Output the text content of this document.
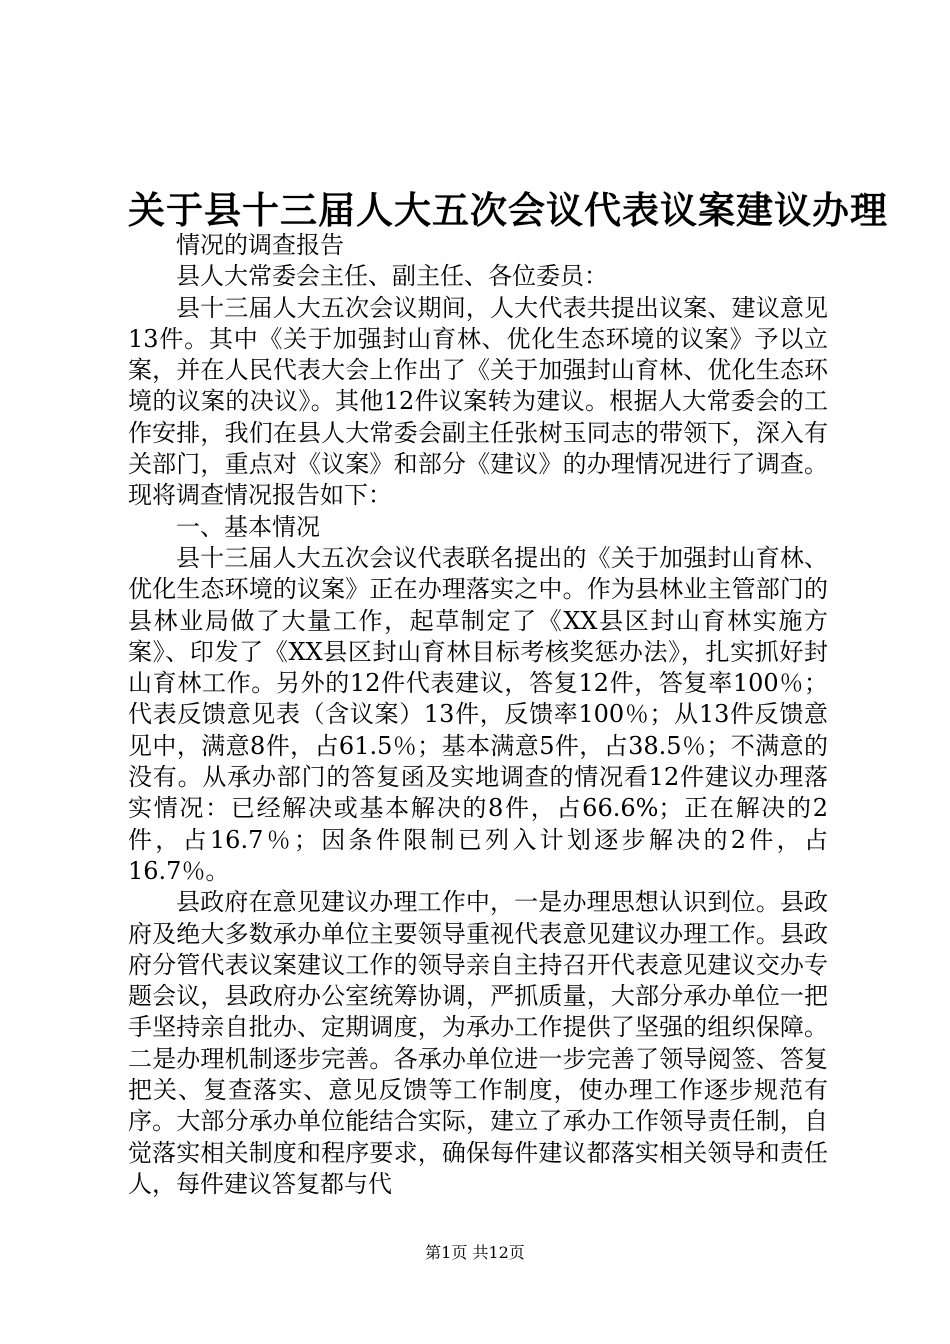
关于县十三届人大五次会议代表议案建议办理

情况的调查报告

县人大常委会主任、副主任、各位委员：

县十三届人大五次会议期间，人大代表共提出议案、建议意见13件。其中《关于加强封山育林、优化生态环境的议案》予以立案，并在人民代表大会上作出了《关于加强封山育林、优化生态环境的议案的决议》。其他12件议案转为建议。根据人大常委会的工作安排，我们在县人大常委会副主任张树玉同志的带领下，深入有关部门，重点对《议案》和部分《建议》的办理情况进行了调查。现将调查情况报告如下：

一、基本情况

县十三届人大五次会议代表联名提出的《关于加强封山育林、优化生态环境的议案》正在办理落实之中。作为县林业主管部门的县林业局做了大量工作，起草制定了《XX县区封山育林实施方案》、印发了《XX县区封山育林目标考核奖惩办法》，扎实抓好封山育林工作。另外的12件代表建议，答复12件，答复率100％；代表反馈意见表（含议案）13件，反馈率100％；从13件反馈意见中，满意8件，占61.5％；基本满意5件，占38.5％；不满意的没有。从承办部门的答复函及实地调查的情况看12件建议办理落实情况：已经解决或基本解决的8件，占66.6%；正在解决的2件，占16.7％；因条件限制已列入计划逐步解决的2件，占16.7％。

县政府在意见建议办理工作中，一是办理思想认识到位。县政府及绝大多数承办单位主要领导重视代表意见建议办理工作。县政府分管代表议案建议工作的领导亲自主持召开代表意见建议交办专题会议，县政府办公室统筹协调，严抓质量，大部分承办单位一把手坚持亲自批办、定期调度，为承办工作提供了坚强的组织保障。二是办理机制逐步完善。各承办单位进一步完善了领导阅签、答复把关、复查落实、意见反馈等工作制度，使办理工作逐步规范有序。大部分承办单位能结合实际，建立了承办工作领导责任制，自觉落实相关制度和程序要求，确保每件建议都落实相关领导和责任人，每件建议答复都与代

第1页 共12页
